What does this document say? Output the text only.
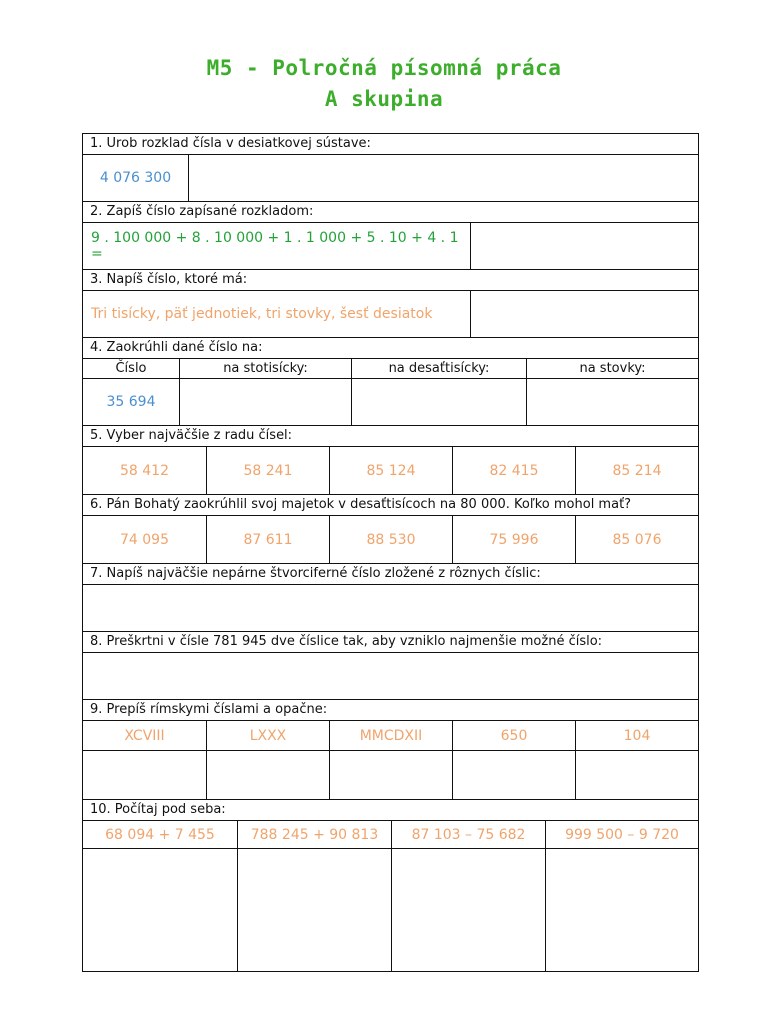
M5 - Polročná písomná práca
A skupina
1. Urob rozklad čísla v desiatkovej sústave:
4 076 300
2. Zapíš číslo zapísané rozkladom:
9 . 100 000 + 8 . 10 000 + 1 . 1 000 + 5 . 10 + 4 . 1 =
3. Napíš číslo, ktoré má:
Tri tisícky, päť jednotiek, tri stovky, šesť desiatok
4. Zaokrúhli dané číslo na:
Číslo	na stotisícky:	na desaťtisícky:	na stovky:
35 694
5. Vyber najväčšie z radu čísel:
58 412	58 241	85 124	82 415	85 214
6. Pán Bohatý zaokrúhlil svoj majetok v desaťtisícoch na 80 000. Koľko mohol mať?
74 095	87 611	88 530	75 996	85 076
7. Napíš najväčšie nepárne štvorciferné číslo zložené z rôznych číslic:
8. Preškrtni v čísle 781 945 dve číslice tak, aby vzniklo najmenšie možné číslo:
9. Prepíš rímskymi číslami a opačne:
XCVIII	LXXX	MMCDXII	650	104
10. Počítaj pod seba:
68 094 + 7 455	788 245 + 90 813	87 103 – 75 682	999 500 – 9 720
